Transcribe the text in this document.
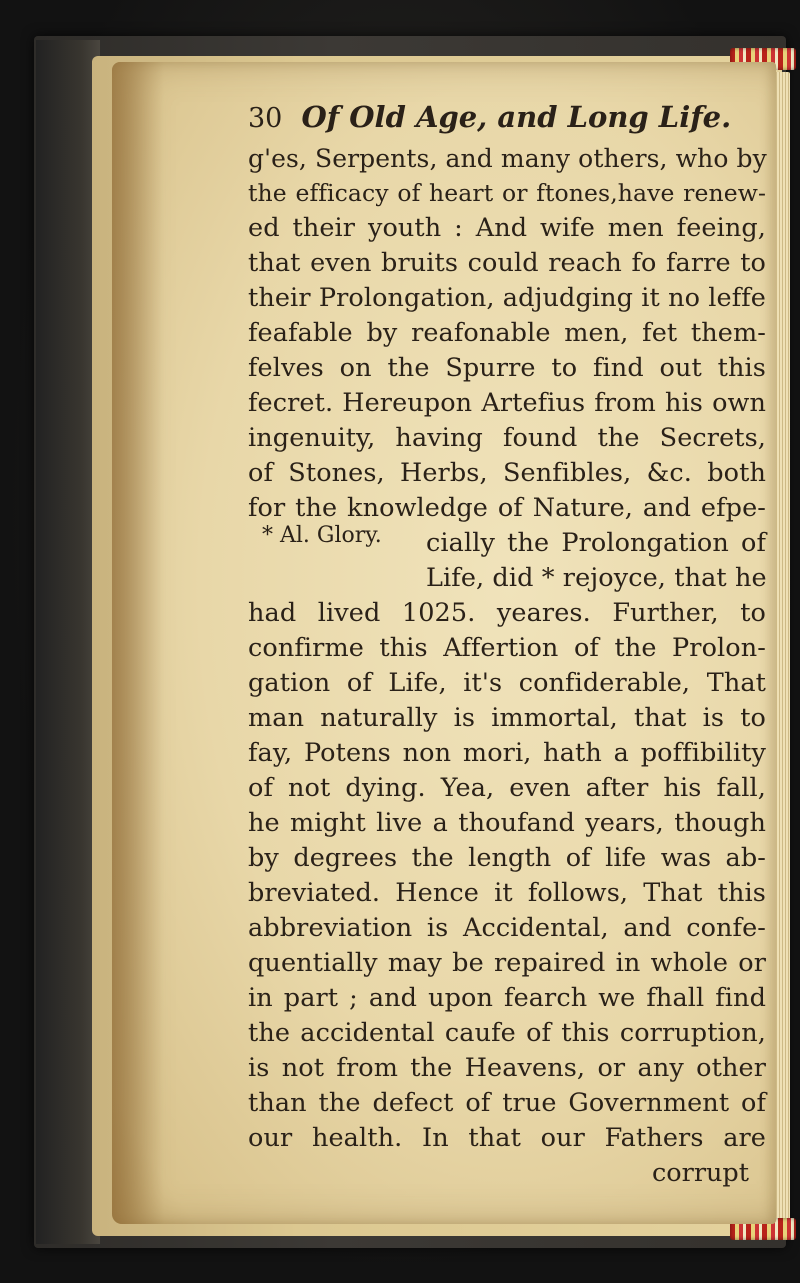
30 Of Old Age, and Long Life.
g'es, Serpents, and many others, who by
the efficacy of heart or ftones,have renew-
ed their youth : And wife men feeing,
that even bruits could reach fo farre to
their Prolongation, adjudging it no leffe
feafable by reafonable men, fet them-
felves on the Spurre to find out this
fecret. Hereupon Artefius from his own
ingenuity, having found the Secrets,
of Stones, Herbs, Senfibles, &c. both
for the knowledge of Nature, and efpe-
* Al. Glory.	cially the Prolongation of
Life, did * rejoyce, that he
had lived 1025. yeares. Further, to
confirme this Affertion of the Prolon-
gation of Life, it's confiderable, That
man naturally is immortal, that is to
fay, Potens non mori, hath a poffibility
of not dying. Yea, even after his fall,
he might live a thoufand years, though
by degrees the length of life was ab-
breviated. Hence it follows, That this
abbreviation is Accidental, and confe-
quentially may be repaired in whole or
in part ; and upon fearch we fhall find
the accidental caufe of this corruption,
is not from the Heavens, or any other
than the defect of true Government of
our health. In that our Fathers are
corrupt
